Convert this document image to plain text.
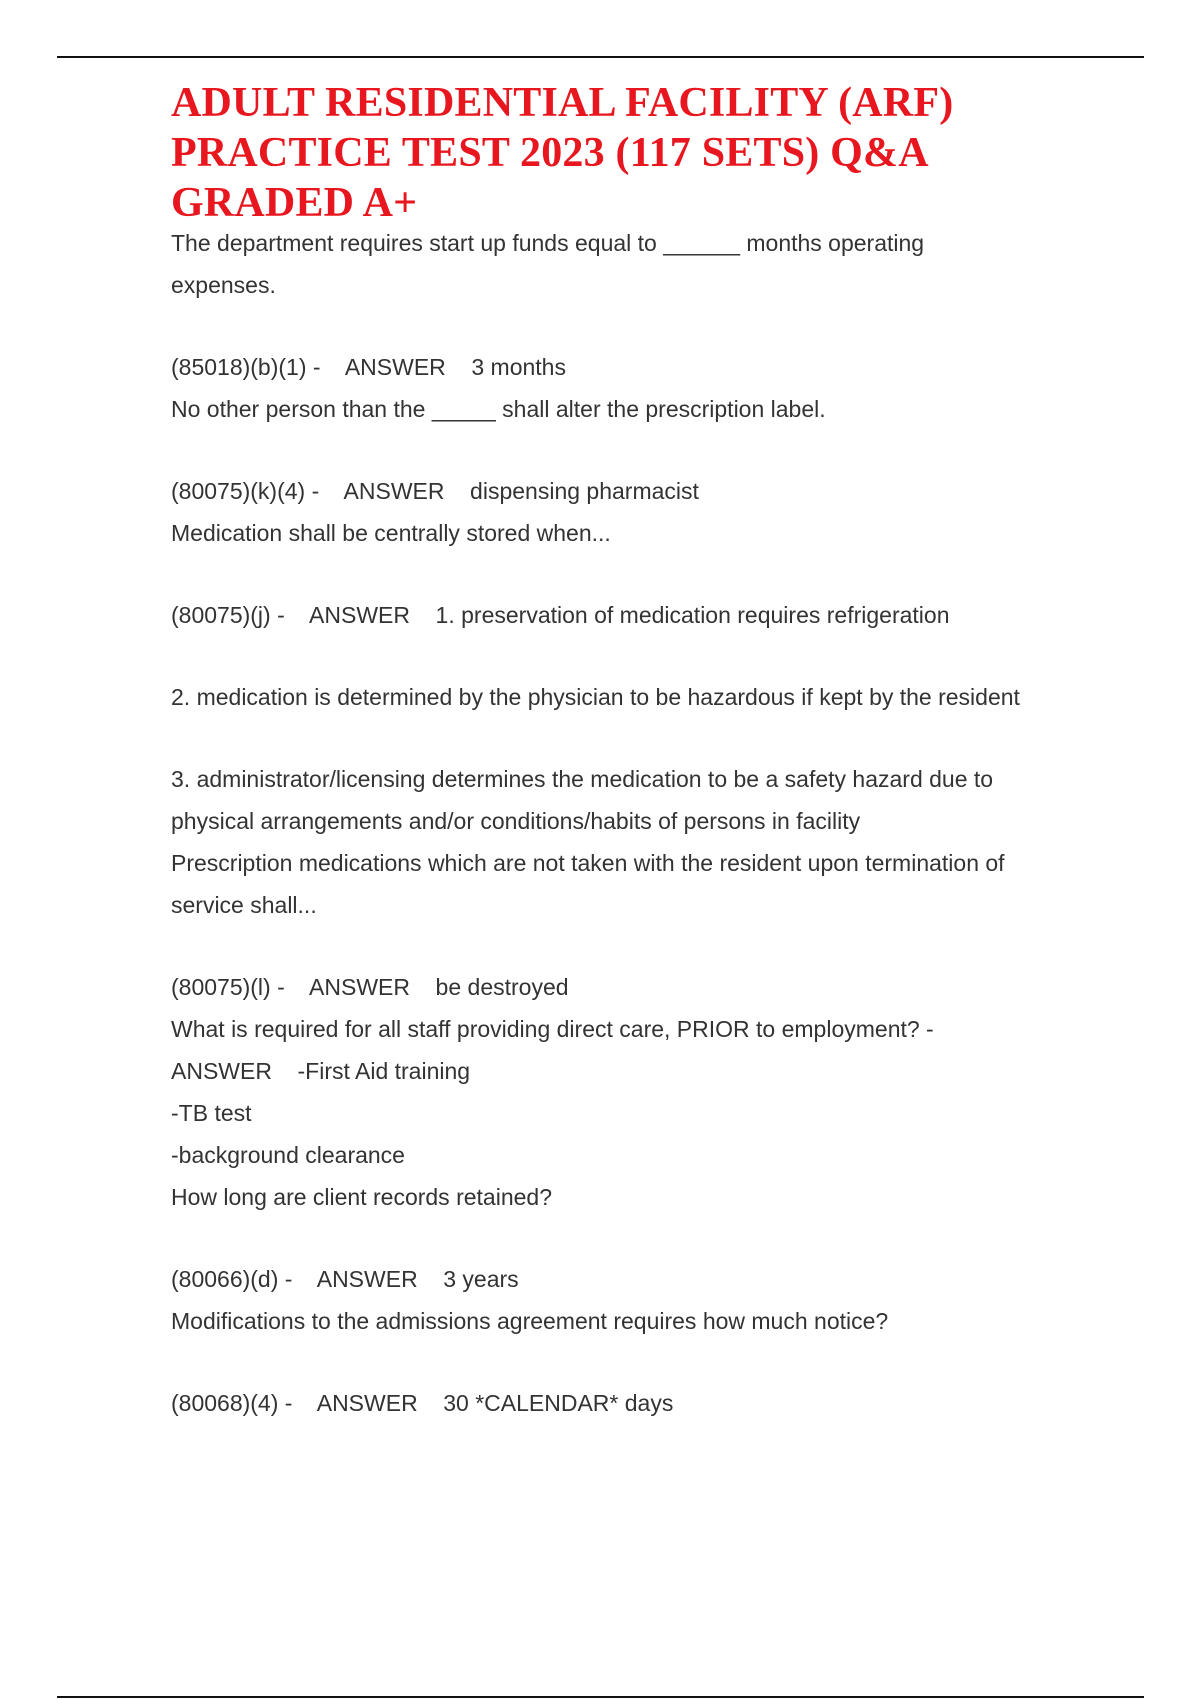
ADULT RESIDENTIAL FACILITY (ARF) PRACTICE TEST 2023 (117 SETS) Q&A GRADED A+

The department requires start up funds equal to ______ months operating

expenses.

(85018)(b)(1) -    ANSWER    3 months

No other person than the _____ shall alter the prescription label.

(80075)(k)(4) -    ANSWER    dispensing pharmacist

Medication shall be centrally stored when...

(80075)(j) -    ANSWER    1. preservation of medication requires refrigeration

2. medication is determined by the physician to be hazardous if kept by the resident

3. administrator/licensing determines the medication to be a safety hazard due to

physical arrangements and/or conditions/habits of persons in facility

Prescription medications which are not taken with the resident upon termination of

service shall...

(80075)(l) -    ANSWER    be destroyed

What is required for all staff providing direct care, PRIOR to employment? -

ANSWER    -First Aid training

-TB test

-background clearance

How long are client records retained?

(80066)(d) -    ANSWER    3 years

Modifications to the admissions agreement requires how much notice?

(80068)(4) -    ANSWER    30 *CALENDAR* days
